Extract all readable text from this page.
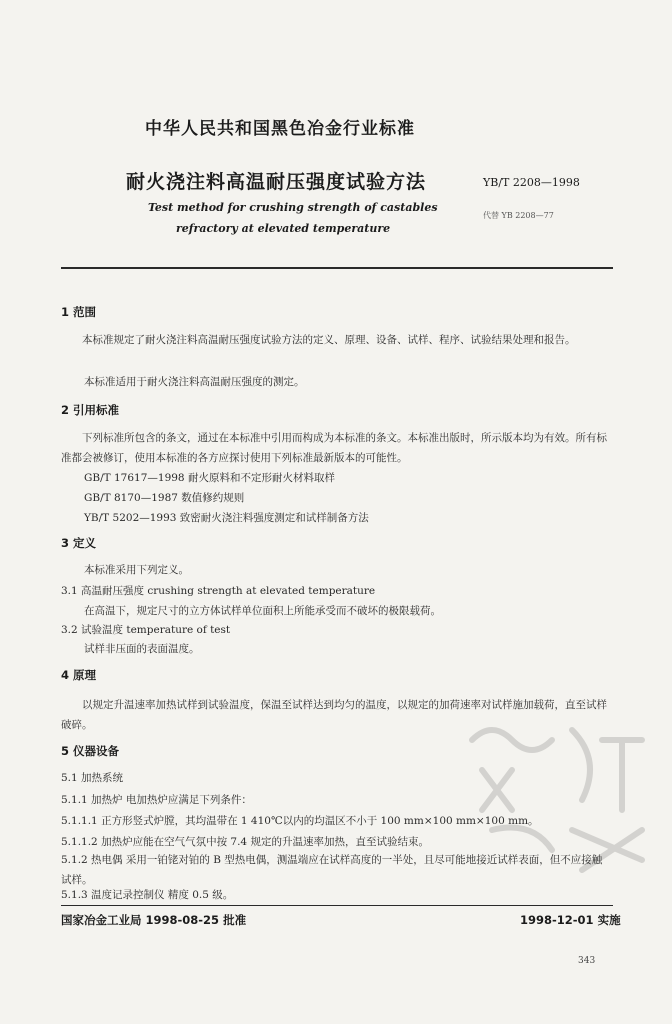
中华人民共和国黑色冶金行业标准
耐火浇注料高温耐压强度试验方法	YB/T 2208—1998
Test method for crushing strength of castables
refractory at elevated temperature
代替 YB 2208—77
1 范围
本标准规定了耐火浇注料高温耐压强度试验方法的定义、原理、设备、试样、程序、试验结果处理和报告。
本标准适用于耐火浇注料高温耐压强度的测定。
2 引用标准
下列标准所包含的条文，通过在本标准中引用而构成为本标准的条文。本标准出版时，所示版本均为有效。所有标准都会被修订，使用本标准的各方应探讨使用下列标准最新版本的可能性。
GB/T 17617—1998 耐火原料和不定形耐火材料取样
GB/T 8170—1987 数值修约规则
YB/T 5202—1993 致密耐火浇注料强度测定和试样制备方法
3 定义
本标准采用下列定义。
3.1 高温耐压强度 crushing strength at elevated temperature
在高温下，规定尺寸的立方体试样单位面积上所能承受而不破坏的极限载荷。
3.2 试验温度 temperature of test
试样非压面的表面温度。
4 原理
以规定升温速率加热试样到试验温度，保温至试样达到均匀的温度，以规定的加荷速率对试样施加载荷，直至试样破碎。
5 仪器设备
5.1 加热系统
5.1.1 加热炉 电加热炉应满足下列条件：
5.1.1.1 正方形竖式炉膛，其均温带在 1 410℃以内的均温区不小于 100 mm×100 mm×100 mm。
5.1.1.2 加热炉应能在空气气氛中按 7.4 规定的升温速率加热，直至试验结束。
5.1.2 热电偶 采用一铂铑对铂的 B 型热电偶，测温端应在试样高度的一半处，且尽可能地接近试样表面，但不应接触试样。
5.1.3 温度记录控制仪 精度 0.5 级。
国家冶金工业局 1998-08-25 批准	1998-12-01 实施
343
